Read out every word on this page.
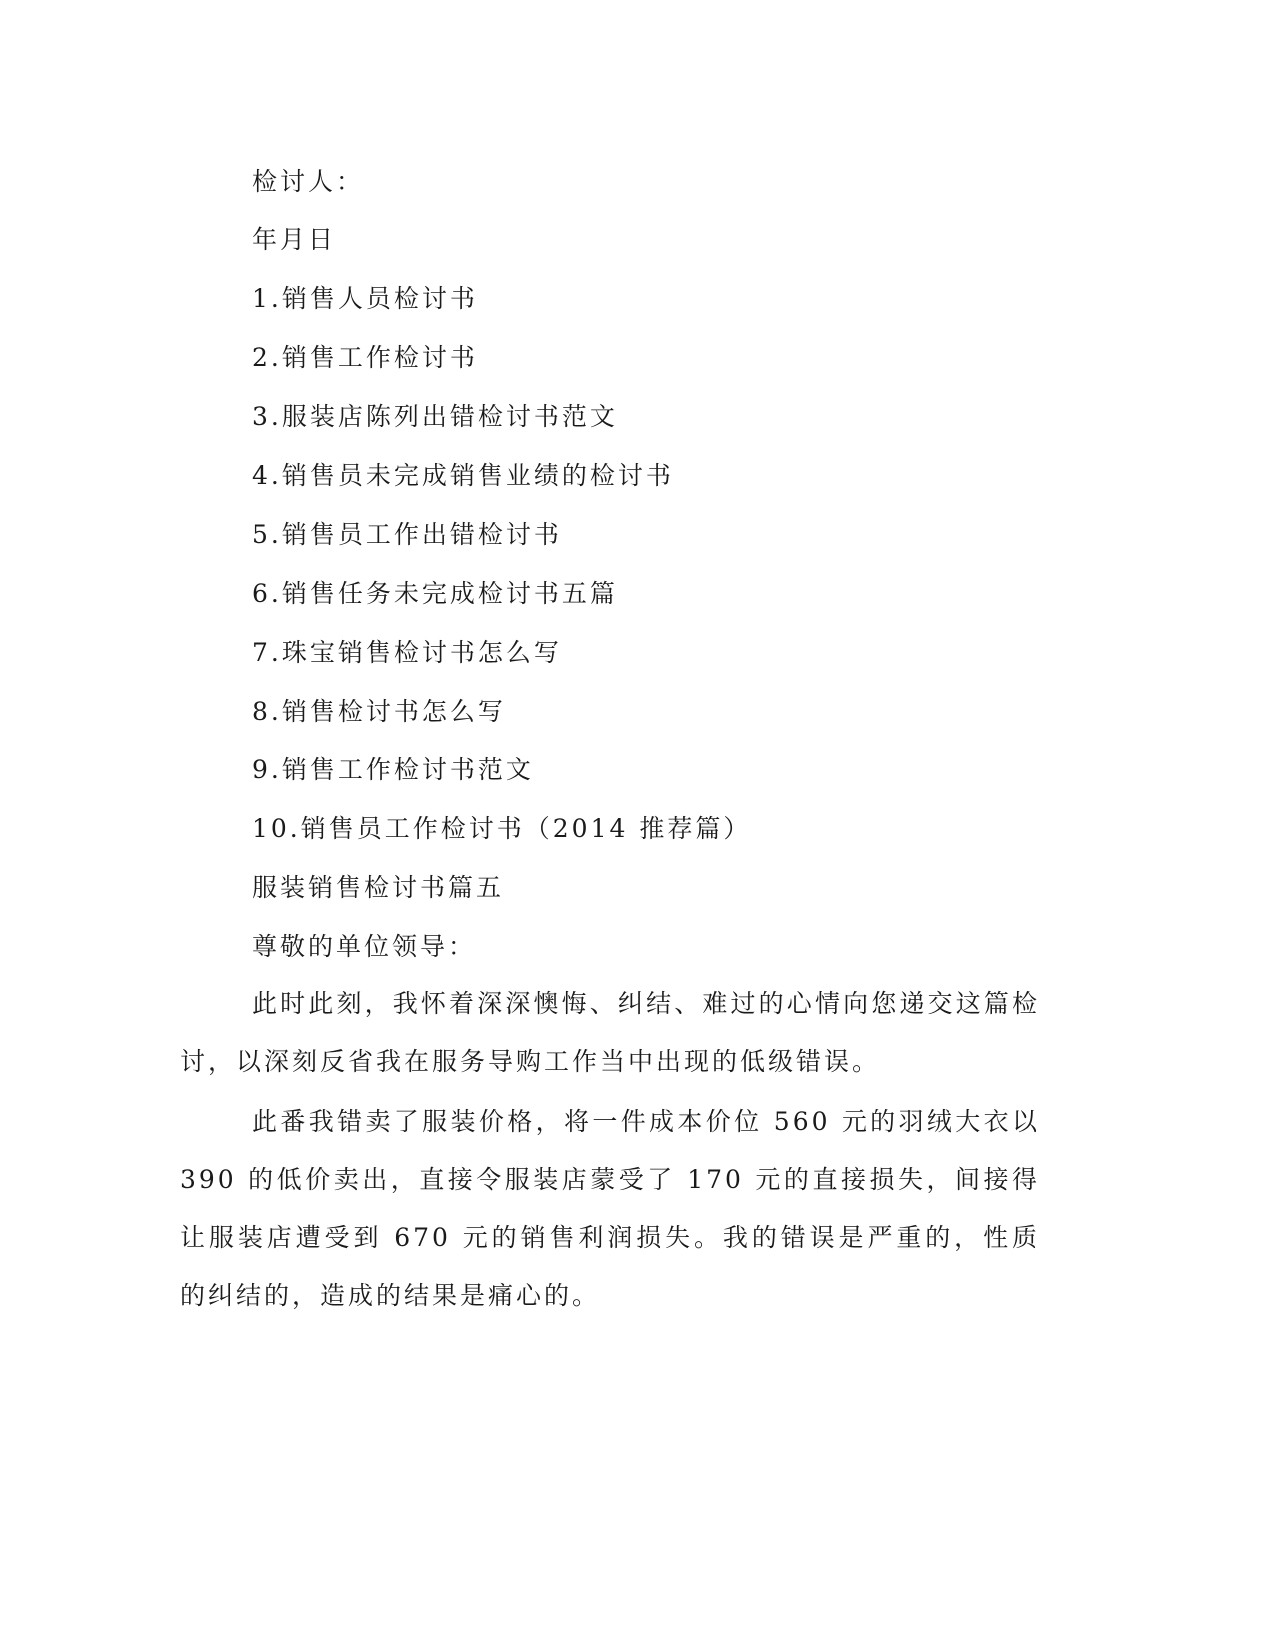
检讨人：
年月日
1.销售人员检讨书
2.销售工作检讨书
3.服装店陈列出错检讨书范文
4.销售员未完成销售业绩的检讨书
5.销售员工作出错检讨书
6.销售任务未完成检讨书五篇
7.珠宝销售检讨书怎么写
8.销售检讨书怎么写
9.销售工作检讨书范文
10.销售员工作检讨书（2014 推荐篇）
服装销售检讨书篇五
尊敬的单位领导：
此时此刻，我怀着深深懊悔、纠结、难过的心情向您递交这篇检讨，以深刻反省我在服务导购工作当中出现的低级错误。
此番我错卖了服装价格，将一件成本价位 560 元的羽绒大衣以 390 的低价卖出，直接令服装店蒙受了 170 元的直接损失，间接得让服装店遭受到 670 元的销售利润损失。我的错误是严重的，性质的纠结的，造成的结果是痛心的。
